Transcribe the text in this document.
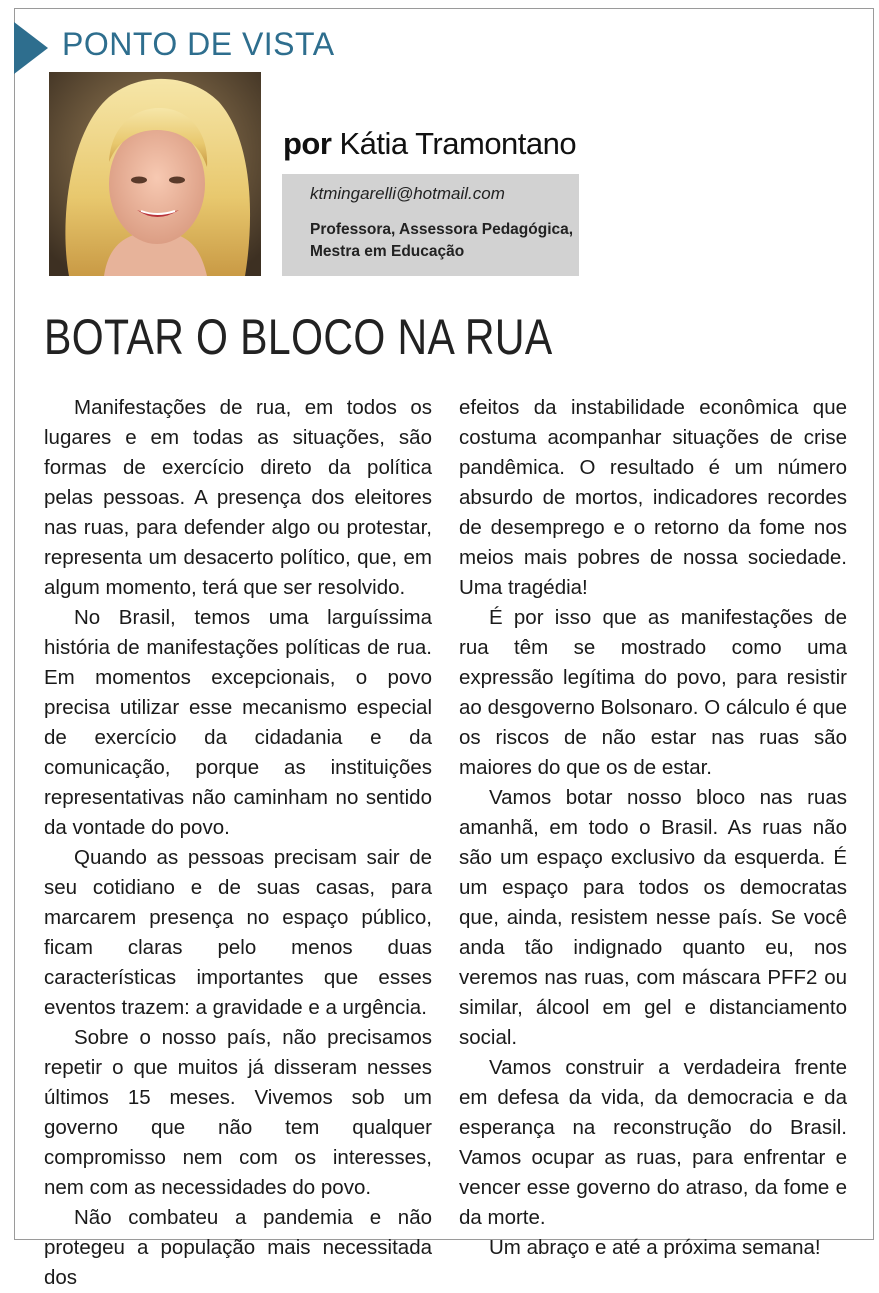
PONTO DE VISTA
por Kátia Tramontano
ktmingarelli@hotmail.com
Professora, Assessora Pedagógica, Mestra em Educação
BOTAR O BLOCO NA RUA

Manifestações de rua, em todos os lugares e em todas as situações, são formas de exercício direto da política pelas pessoas. A presença dos eleitores nas ruas, para defender algo ou protestar, representa um desacerto político, que, em algum momento, terá que ser resolvido.

No Brasil, temos uma larguíssima história de manifestações políticas de rua. Em momentos excepcionais, o povo precisa utilizar esse mecanismo especial de exercício da cidadania e da comunicação, porque as instituições representativas não caminham no sentido da vontade do povo.

Quando as pessoas precisam sair de seu cotidiano e de suas casas, para marcarem presença no espaço público, ficam claras pelo menos duas características importantes que esses eventos trazem: a gravidade e a urgência.

Sobre o nosso país, não precisamos repetir o que muitos já disseram nesses últimos 15 meses. Vivemos sob um governo que não tem qualquer compromisso nem com os interesses, nem com as necessidades do povo.

Não combateu a pandemia e não protegeu a população mais necessitada dos

efeitos da instabilidade econômica que costuma acompanhar situações de crise pandêmica. O resultado é um número absurdo de mortos, indicadores recordes de desemprego e o retorno da fome nos meios mais pobres de nossa sociedade. Uma tragédia!

É por isso que as manifestações de rua têm se mostrado como uma expressão legítima do povo, para resistir ao desgoverno Bolsonaro. O cálculo é que os riscos de não estar nas ruas são maiores do que os de estar.

Vamos botar nosso bloco nas ruas amanhã, em todo o Brasil. As ruas não são um espaço exclusivo da esquerda. É um espaço para todos os democratas que, ainda, resistem nesse país. Se você anda tão indignado quanto eu, nos veremos nas ruas, com máscara PFF2 ou similar, álcool em gel e distanciamento social.

Vamos construir a verdadeira frente em defesa da vida, da democracia e da esperança na reconstrução do Brasil. Vamos ocupar as ruas, para enfrentar e vencer esse governo do atraso, da fome e da morte.

Um abraço e até a próxima semana!
